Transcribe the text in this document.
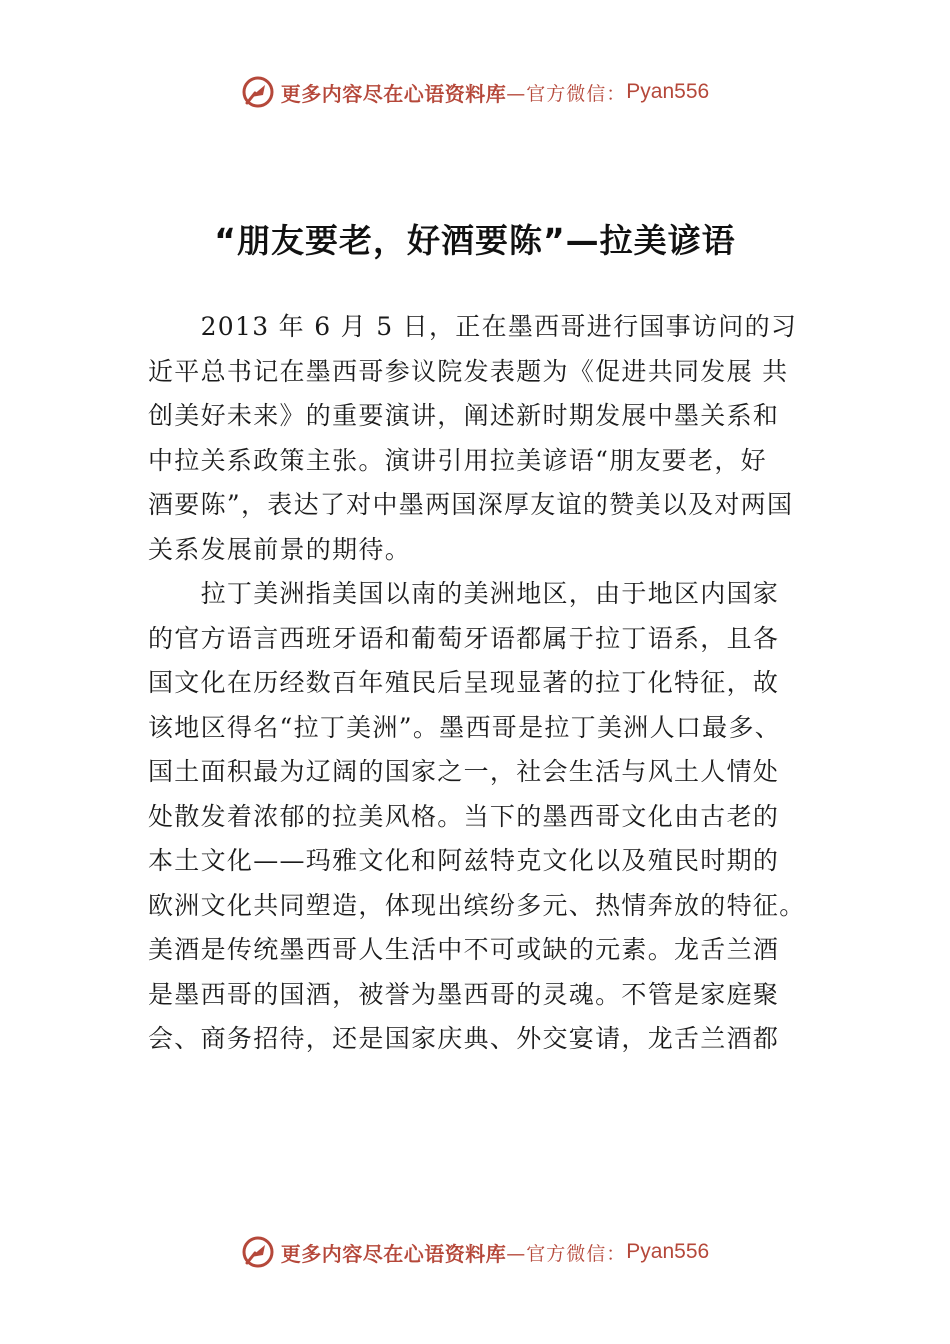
更多内容尽在心语资料库 —官方微信： Pyan556
“朋友要老，好酒要陈”—拉美谚语
　　2013 年 6 月 5 日，正在墨西哥进行国事访问的习
近平总书记在墨西哥参议院发表题为《促进共同发展 共
创美好未来》的重要演讲，阐述新时期发展中墨关系和
中拉关系政策主张。演讲引用拉美谚语“朋友要老，好
酒要陈”，表达了对中墨两国深厚友谊的赞美以及对两国
关系发展前景的期待。
　　拉丁美洲指美国以南的美洲地区，由于地区内国家
的官方语言西班牙语和葡萄牙语都属于拉丁语系，且各
国文化在历经数百年殖民后呈现显著的拉丁化特征，故
该地区得名“拉丁美洲”。墨西哥是拉丁美洲人口最多、
国土面积最为辽阔的国家之一，社会生活与风土人情处
处散发着浓郁的拉美风格。当下的墨西哥文化由古老的
本土文化——玛雅文化和阿兹特克文化以及殖民时期的
欧洲文化共同塑造，体现出缤纷多元、热情奔放的特征。
美酒是传统墨西哥人生活中不可或缺的元素。龙舌兰酒
是墨西哥的国酒，被誉为墨西哥的灵魂。不管是家庭聚
会、商务招待，还是国家庆典、外交宴请，龙舌兰酒都
更多内容尽在心语资料库 —官方微信： Pyan556
